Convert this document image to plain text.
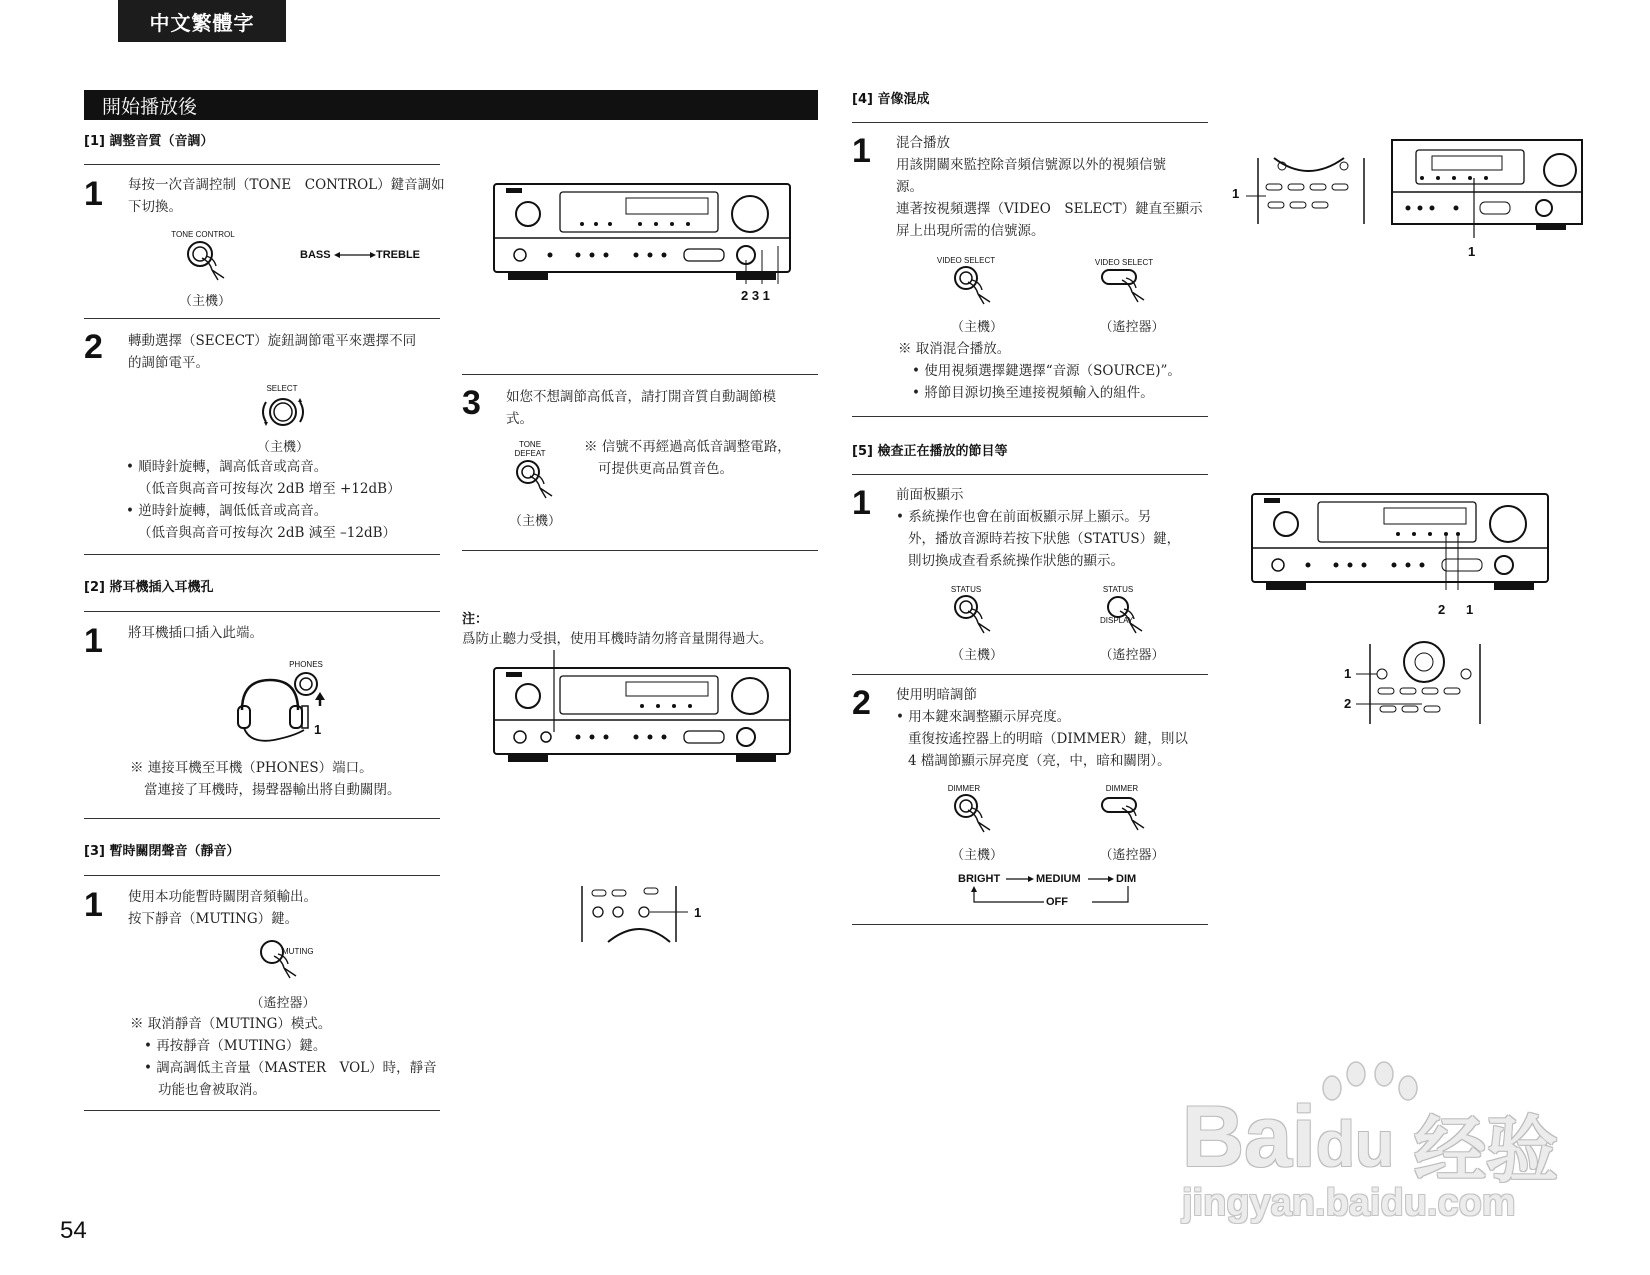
中文繁體字
開始播放後
[1] 調整音質（音調）
1 每按一次音調控制（TONE　CONTROL）鍵音調如
下切換。
TONE CONTROL
BASS	TREBLE
（主機）
2 轉動選擇（SECECT）旋鈕調節電平來選擇不同
的調節電平。
SELECT
（主機）
• 順時針旋轉，調高低音或高音。
（低音與高音可按每次 2dB 增至 +12dB）
• 逆時針旋轉，調低低音或高音。
（低音與高音可按每次 2dB 減至 –12dB）
[2] 將耳機插入耳機孔
1 將耳機插口插入此端。
PHONES
1
※ 連接耳機至耳機（PHONES）端口。
當連接了耳機時，揚聲器輸出將自動關閉。
[3] 暫時關閉聲音（靜音）
1 使用本功能暫時關閉音頻輸出。
按下靜音（MUTING）鍵。
MUTING
（遙控器）
※ 取消靜音（MUTING）模式。
• 再按靜音（MUTING）鍵。
• 調高調低主音量（MASTER　VOL）時，靜音
功能也會被取消。
2 3 1
3 如您不想調節高低音，請打開音質自動調節模
式。
TONE DEFEAT
（主機）
※ 信號不再經過高低音調整電路，
可提供更高品質音色。
注：
爲防止聽力受損，使用耳機時請勿將音量開得過大。
1
[4] 音像混成
1 混合播放
用該開關來監控除音頻信號源以外的視頻信號
源。
連著按視頻選擇（VIDEO　SELECT）鍵直至顯示
屏上出現所需的信號源。
VIDEO SELECT	VIDEO SELECT
（主機）	（遙控器）
※ 取消混合播放。
• 使用視頻選擇鍵選擇“音源（SOURCE)”。
• 將節目源切換至連接視頻輸入的組件。
[5] 檢查正在播放的節目等
1 前面板顯示
• 系統操作也會在前面板顯示屏上顯示。另
外，播放音源時若按下狀態（STATUS）鍵，
則切換成查看系統操作狀態的顯示。
STATUS	STATUS
DISPLAY
（主機）	（遙控器）
2 使用明暗調節
• 用本鍵來調整顯示屏亮度。
重復按遙控器上的明暗（DIMMER）鍵，則以
4 檔調節顯示屏亮度（亮，中，暗和關閉）。
DIMMER	DIMMER
（主機）	（遙控器）
BRIGHT	MEDIUM	DIM
OFF
1
1
2 1
1
2
54
Baidu 经验
jingyan.baidu.com
